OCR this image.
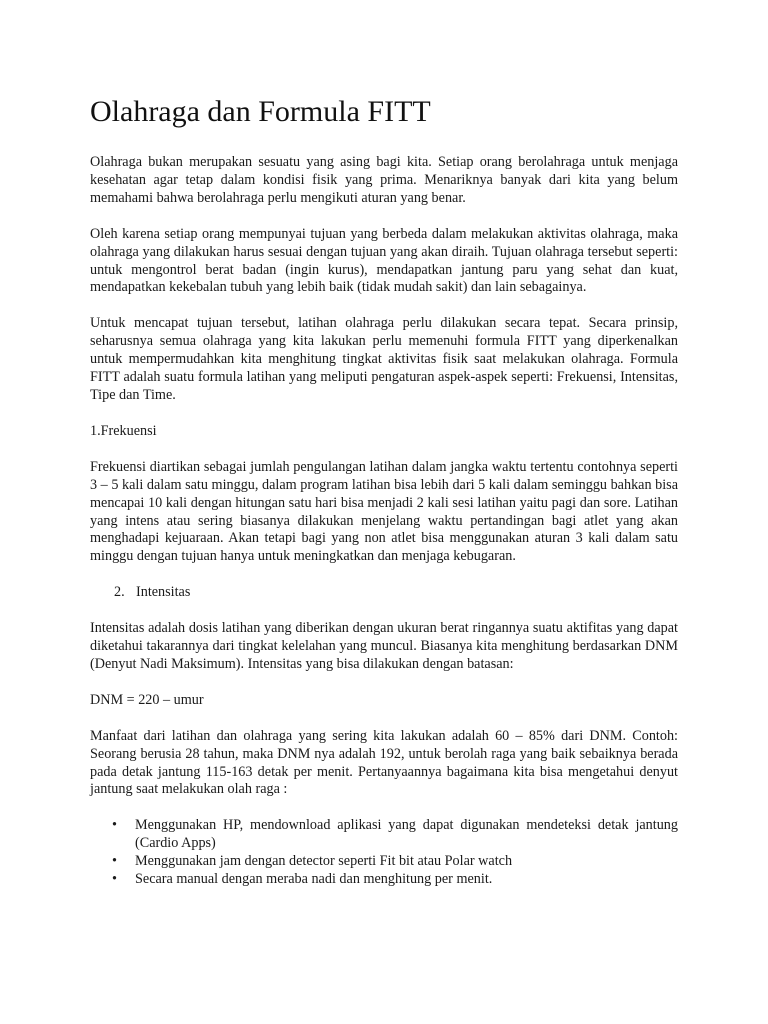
Olahraga dan Formula FITT

Olahraga bukan merupakan sesuatu yang asing bagi kita. Setiap orang berolahraga untuk menjaga kesehatan agar tetap dalam kondisi fisik yang prima. Menariknya banyak dari kita yang belum memahami bahwa berolahraga perlu mengikuti aturan yang benar.

Oleh karena setiap orang mempunyai tujuan yang berbeda dalam melakukan aktivitas olahraga, maka olahraga yang dilakukan harus sesuai dengan tujuan yang akan diraih. Tujuan olahraga tersebut seperti: untuk mengontrol berat badan (ingin kurus), mendapatkan jantung paru yang sehat dan kuat, mendapatkan kekebalan tubuh yang lebih baik (tidak mudah sakit) dan lain sebagainya.

Untuk mencapat tujuan tersebut, latihan olahraga perlu dilakukan secara tepat. Secara prinsip, seharusnya semua olahraga yang kita lakukan perlu memenuhi formula FITT yang diperkenalkan untuk mempermudahkan kita menghitung tingkat aktivitas fisik saat melakukan olahraga. Formula FITT adalah suatu formula latihan yang meliputi pengaturan aspek-aspek seperti: Frekuensi, Intensitas, Tipe dan Time.

1.Frekuensi

Frekuensi diartikan sebagai jumlah pengulangan latihan dalam jangka waktu tertentu contohnya seperti 3 – 5 kali dalam satu minggu, dalam program latihan bisa lebih dari 5 kali dalam seminggu bahkan bisa mencapai 10 kali dengan hitungan satu hari bisa menjadi 2 kali sesi latihan yaitu pagi dan sore. Latihan yang intens atau sering biasanya dilakukan menjelang waktu pertandingan bagi atlet yang akan menghadapi kejuaraan. Akan tetapi bagi yang non atlet bisa menggunakan aturan 3 kali dalam satu minggu dengan tujuan hanya untuk meningkatkan dan menjaga kebugaran.

2. Intensitas

Intensitas adalah dosis latihan yang diberikan dengan ukuran berat ringannya suatu aktifitas yang dapat diketahui takarannya dari tingkat kelelahan yang muncul. Biasanya kita menghitung berdasarkan DNM (Denyut Nadi Maksimum). Intensitas yang bisa dilakukan dengan batasan:

DNM = 220 – umur

Manfaat dari latihan dan olahraga yang sering kita lakukan adalah 60 – 85% dari DNM. Contoh: Seorang berusia 28 tahun, maka DNM nya adalah 192, untuk berolah raga yang baik sebaiknya berada pada detak jantung 115-163 detak per menit. Pertanyaannya bagaimana kita bisa mengetahui denyut jantung saat melakukan olah raga :

• Menggunakan HP, mendownload aplikasi yang dapat digunakan mendeteksi detak jantung (Cardio Apps)
• Menggunakan jam dengan detector seperti Fit bit atau Polar watch
• Secara manual dengan meraba nadi dan menghitung per menit.
